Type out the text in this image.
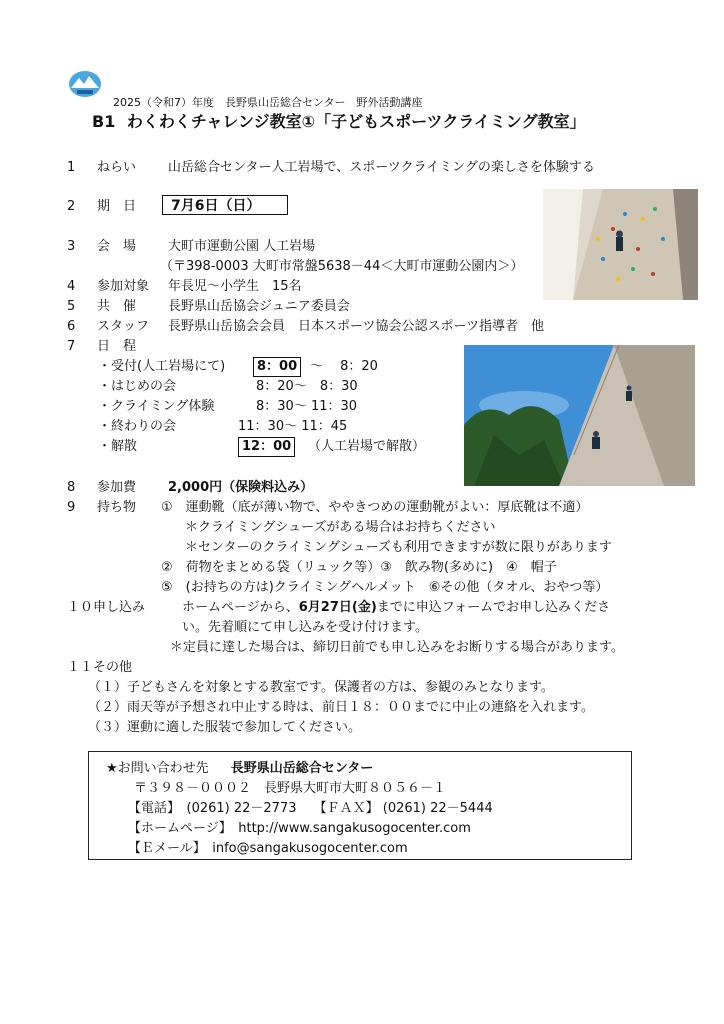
2025（令和7）年度　長野県山岳総合センター　野外活動講座
B1 わくわくチャレンジ教室①「子どもスポーツクライミング教室」
1 ねらい 山岳総合センター人工岩場で、スポーツクライミングの楽しさを体験する
2 期　日	7月6日（日）
3 会　場 大町市運動公園 人工岩場
（〒398-0003 大町市常盤5638－44＜大町市運動公園内＞）
4 参加対象 年長児～小学生　15名
5 共　催 長野県山岳協会ジュニア委員会
6 スタッフ 長野県山岳協会会員　日本スポーツ協会公認スポーツ指導者　他
7 日　程
・受付(人工岩場にて)	8：00 ～　 8：20
・はじめの会	8：20～　8：30
・クライミング体験	8：30～ 11：30
・終わりの会	11：30～ 11：45
・解散	12：00	（人工岩場で解散）
8 参加費 2,000円（保険料込み）
9 持ち物 ①　運動靴（底が薄い物で、ややきつめの運動靴がよい：厚底靴は不適）
＊クライミングシューズがある場合はお持ちください
＊センターのクライミングシューズも利用できますが数に限りがあります
②　荷物をまとめる袋（リュック等）③　飲み物(多めに)　④　帽子
⑤　(お持ちの方は)クライミングヘルメット　⑥その他（タオル、おやつ等）
１０申し込み	ホームページから、6月27日(金)までに申込フォームでお申し込みくださ
い。先着順にて申し込みを受け付けます。
＊定員に達した場合は、締切日前でも申し込みをお断りする場合があります。
１１その他
（１）子どもさんを対象とする教室です。保護者の方は、参観のみとなります。
（２）雨天等が予想され中止する時は、前日１８：００までに中止の連絡を入れます。
（３）運動に適した服装で参加してください。
★お問い合わせ先 長野県山岳総合センター
〒３９８－０００２　長野県大町市大町８０５６－１
【電話】　(0261) 22－2773　 【ＦＡＸ】 (0261) 22－5444
【ホームページ】　http://www.sangakusogocenter.com
【Ｅメール】　info@sangakusogocenter.com
